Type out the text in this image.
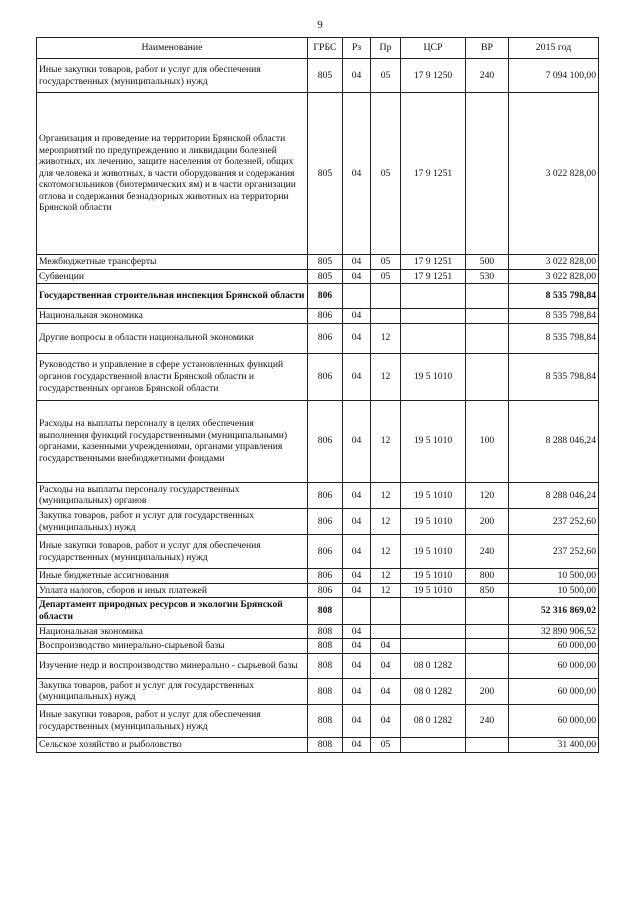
9
Наименование	ГРБС	Рз	Пр	ЦСР	ВР	2015 год
Иные закупки товаров, работ и услуг для обеспечения государственных (муниципальных) нужд	805	04	05	17 9 1250	240	7 094 100,00
Организация и проведение на территории Брянской области мероприятий по предупреждению и ликвидации болезней животных, их лечению, защите населения от болезней, общих для человека и животных, в части оборудования и содержания скотомогильников (биотермических ям) и в части организации отлова и содержания безнадзорных животных на территории Брянской области	805	04	05	17 9 1251		3 022 828,00
Межбюджетные трансферты	805	04	05	17 9 1251	500	3 022 828,00
Субвенции	805	04	05	17 9 1251	530	3 022 828,00
Государственная строительная инспекция Брянской области	806					8 535 798,84
Национальная экономика	806	04				8 535 798,84
Другие вопросы в области национальной экономики	806	04	12			8 535 798,84
Руководство и управление в сфере установленных функций органов государственной власти Брянской области и государственных органов Брянской области	806	04	12	19 5 1010		8 535 798,84
Расходы на выплаты персоналу в целях обеспечения выполнения функций государственными (муниципальными) органами, казенными учреждениями, органами управления государственными внебюджетными фондами	806	04	12	19 5 1010	100	8 288 046,24
Расходы на выплаты персоналу государственных (муниципальных) органов	806	04	12	19 5 1010	120	8 288 046,24
Закупка товаров, работ и услуг для государственных (муниципальных) нужд	806	04	12	19 5 1010	200	237 252,60
Иные закупки товаров, работ и услуг для обеспечения государственных (муниципальных) нужд	806	04	12	19 5 1010	240	237 252,60
Иные бюджетные ассигнования	806	04	12	19 5 1010	800	10 500,00
Уплата налогов, сборов и иных платежей	806	04	12	19 5 1010	850	10 500,00
Департамент природных ресурсов и экологии Брянской области	808					52 316 869,02
Национальная экономика	808	04				32 890 906,52
Воспроизводство минерально-сырьевой базы	808	04	04			60 000,00
Изучение недр и воспроизводство минерально - сырьевой базы	808	04	04	08 0 1282		60 000,00
Закупка товаров, работ и услуг для государственных (муниципальных) нужд	808	04	04	08 0 1282	200	60 000,00
Иные закупки товаров, работ и услуг для обеспечения государственных (муниципальных) нужд	808	04	04	08 0 1282	240	60 000,00
Сельское хозяйство и рыболовство	808	04	05			31 400,00
